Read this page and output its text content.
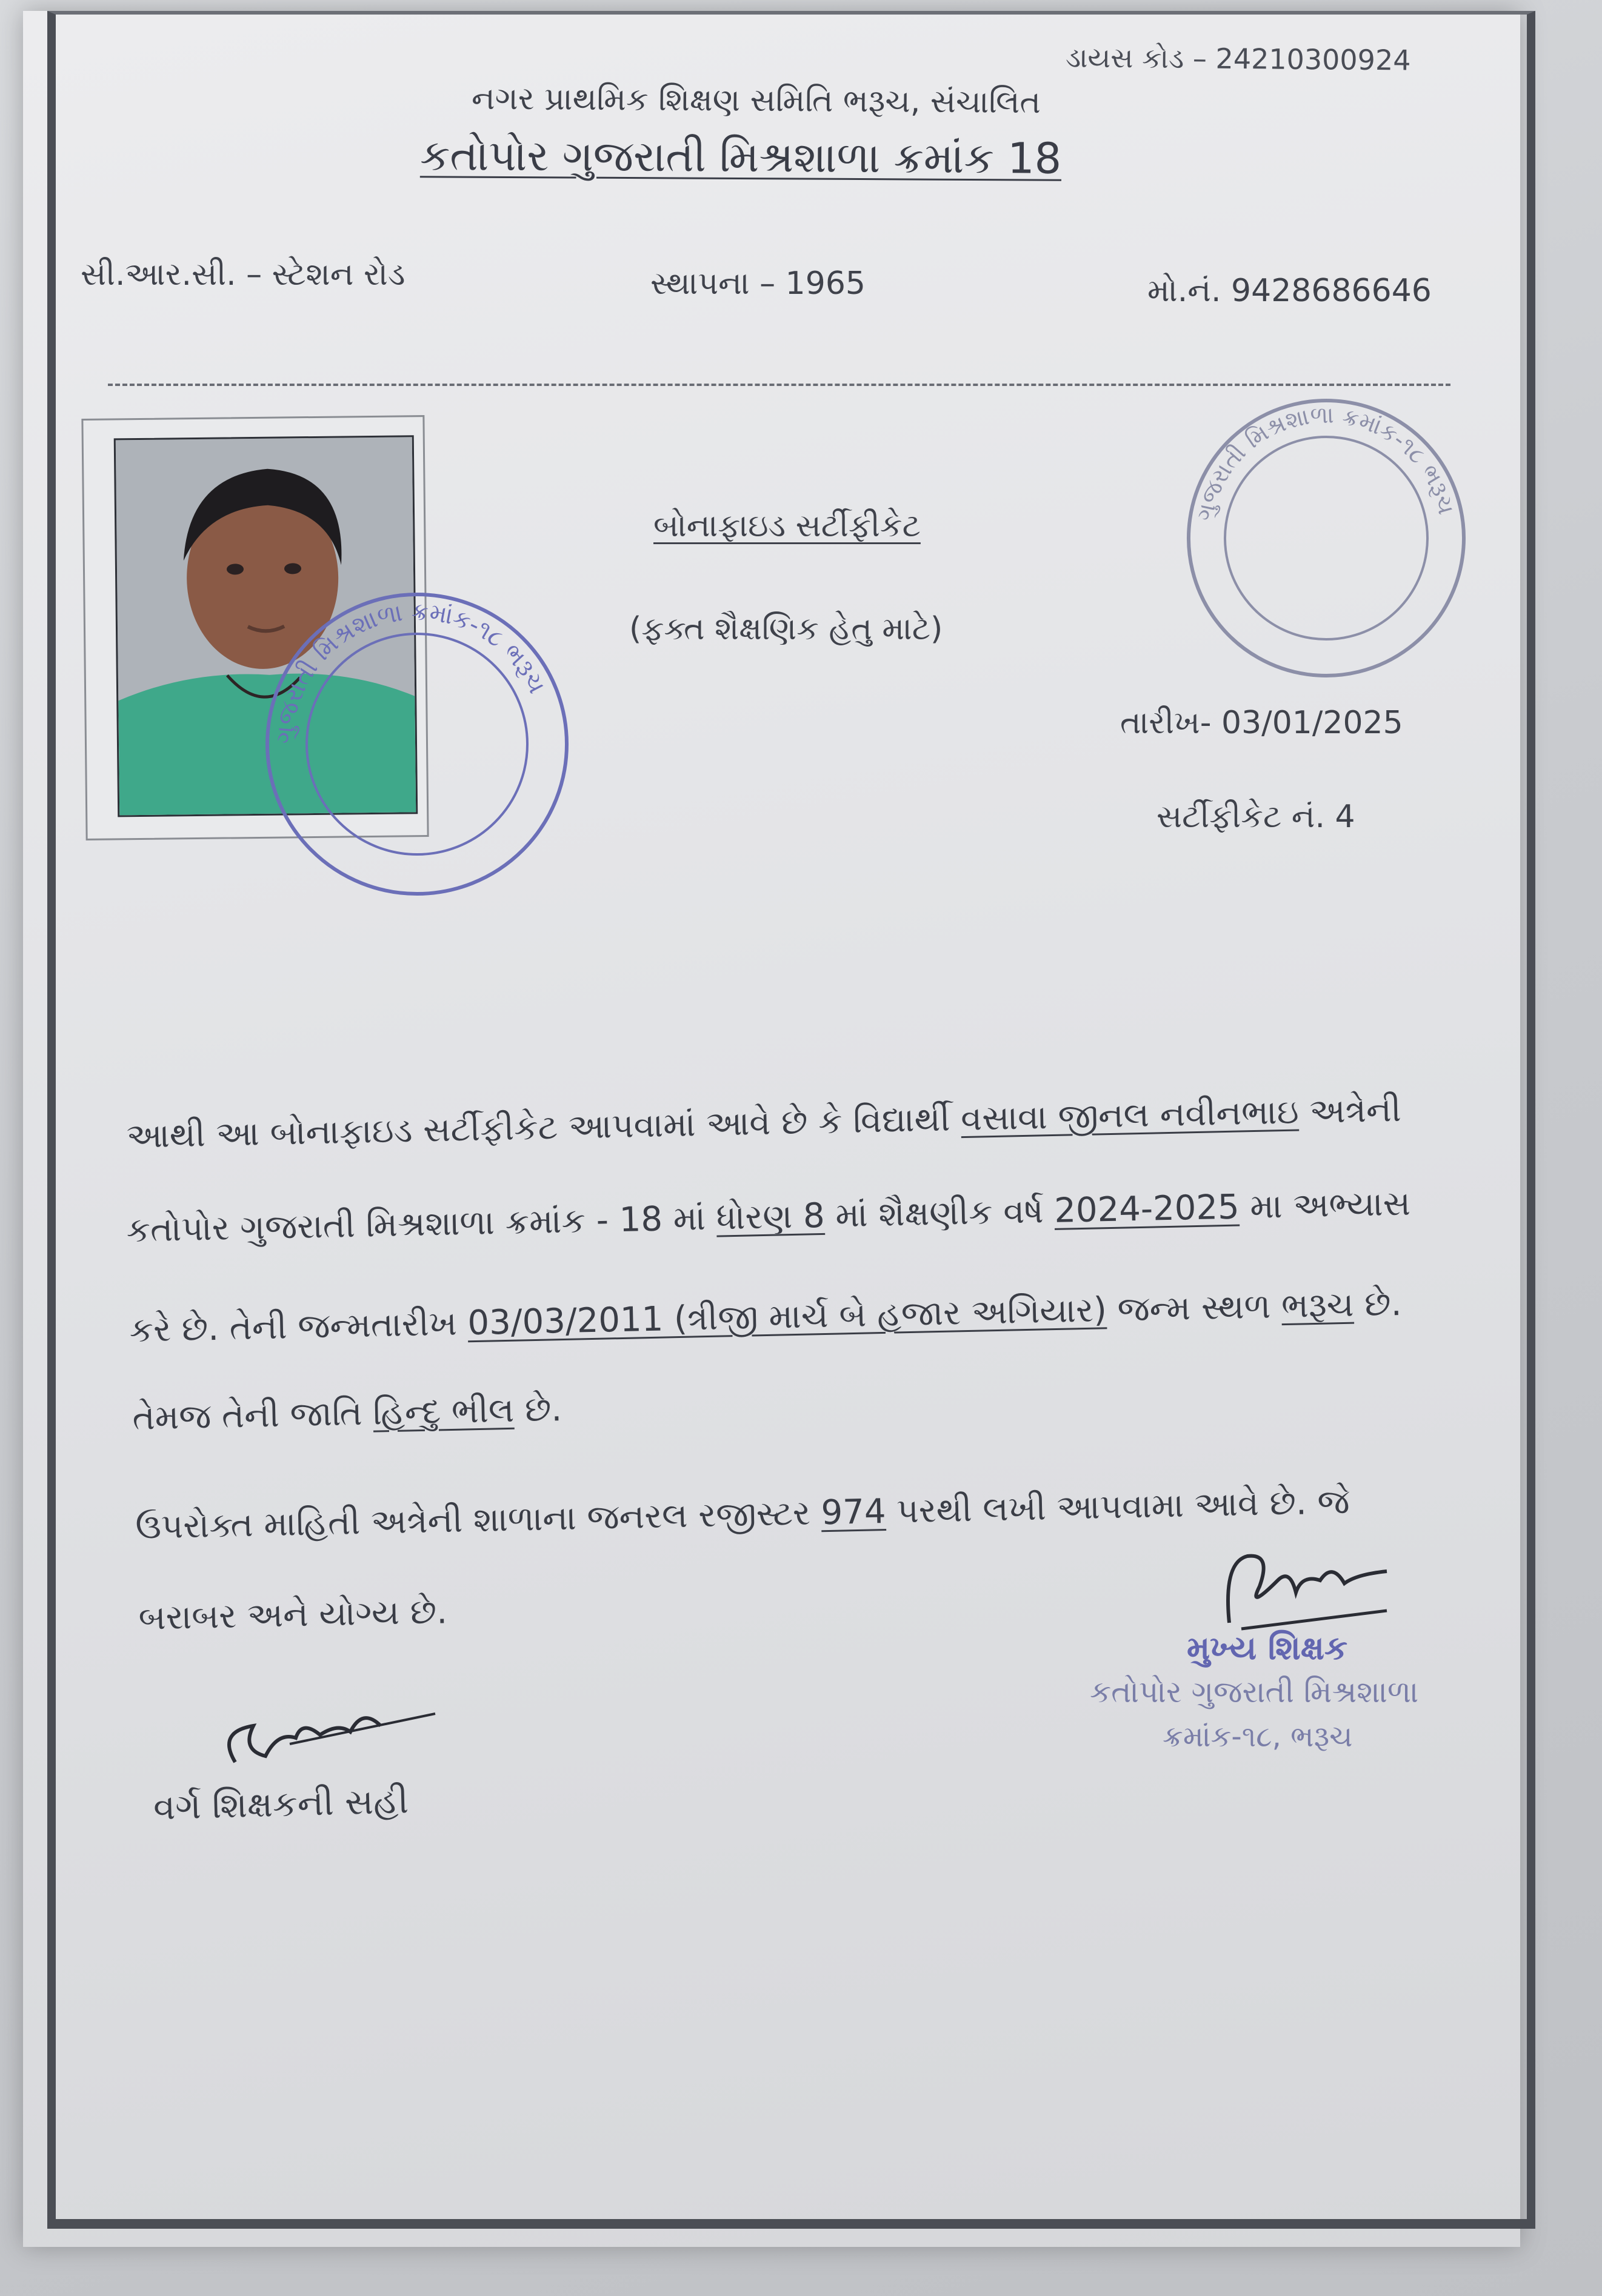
ડાયસ કોડ – 24210300924
નગર પ્રાથમિક શિક્ષણ સમિતિ ભરૂચ, સંચાલિત
કતોપોર ગુજરાતી મિશ્રશાળા ક્રમાંક 18
સી.આર.સી. – સ્ટેશન રોડ	સ્થાપના – 1965	મો.નં. 9428686646
ગુજરાતી મિશ્રશાળા ક્રમાંક-૧૮ ભરૂચ
બોનાફાઇડ સર્ટીફીકેટ
(ફક્ત શૈક્ષણિક હેતુ માટે)
ગુજરાતી મિશ્રશાળા ક્રમાંક-૧૮ ભરૂચ
તારીખ- 03/01/2025
સર્ટીફીકેટ નં. 4
આથી આ બોનાફાઇડ સર્ટીફીકેટ આપવામાં આવે છે કે વિદ્યાર્થી વસાવા જીનલ નવીનભાઇ અત્રેની
કતોપોર ગુજરાતી મિશ્રશાળા ક્રમાંક - 18 માં ધોરણ 8 માં શૈક્ષણીક વર્ષ 2024-2025 મા અભ્યાસ
કરે છે. તેની જન્મતારીખ 03/03/2011 (ત્રીજી માર્ચ બે હજાર અગિયાર) જન્મ સ્થળ ભરૂચ છે.
તેમજ તેની જાતિ હિન્દુ ભીલ છે.
ઉપરોક્ત માહિતી અત્રેની શાળાના જનરલ રજીસ્ટર 974 પરથી લખી આપવામા આવે છે. જે
બરાબર અને યોગ્ય છે.
મુખ્ય શિક્ષક
કતોપોર ગુજરાતી મિશ્રશાળા
ક્રમાંક-૧૮, ભરૂચ
વર્ગ શિક્ષકની સહી
